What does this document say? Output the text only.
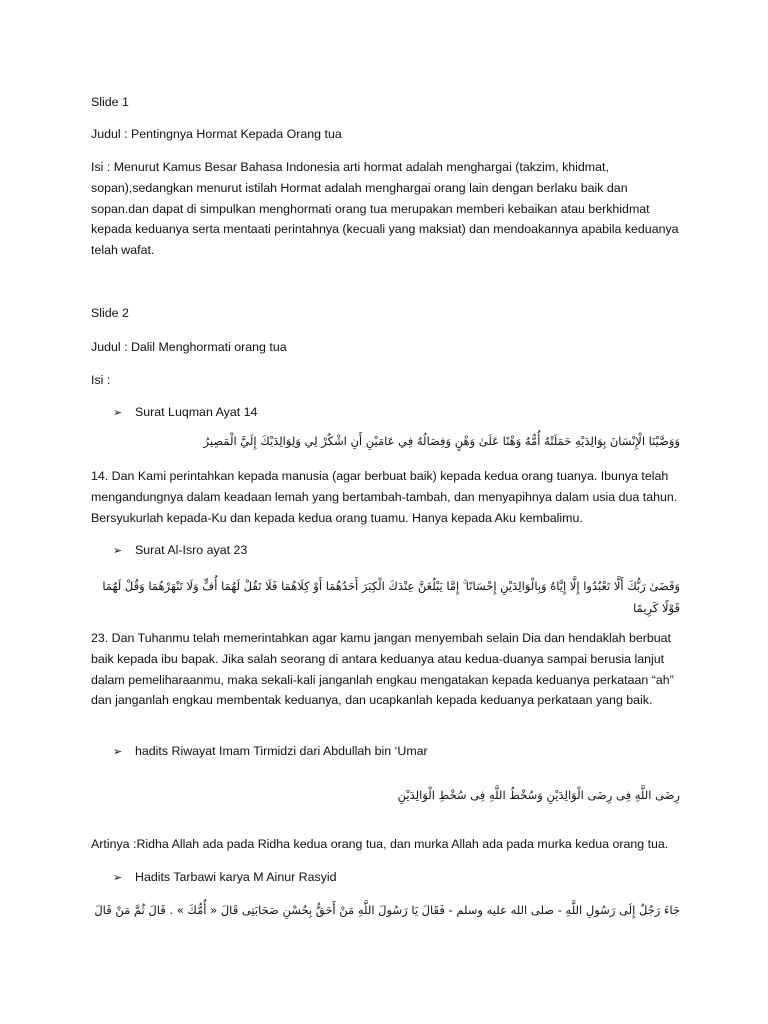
Slide 1
Judul : Pentingnya Hormat Kepada Orang tua
Isi : Menurut Kamus Besar Bahasa Indonesia arti hormat adalah menghargai (takzim, khidmat, sopan),sedangkan menurut istilah Hormat adalah menghargai orang lain dengan berlaku baik dan sopan.dan dapat di simpulkan menghormati orang tua merupakan memberi kebaikan atau berkhidmat kepada keduanya serta mentaati perintahnya (kecuali yang maksiat) dan mendoakannya apabila keduanya telah wafat.
Slide 2
Judul : Dalil Menghormati orang tua
Isi :
➢ Surat Luqman Ayat 14
وَوَصَّيْنَا الْإِنْسَانَ بِوَالِدَيْهِ حَمَلَتْهُ أُمُّهُ وَهْنًا عَلَىٰ وَهْنٍ وَفِصَالُهُ فِي عَامَيْنِ أَنِ اشْكُرْ لِي وَلِوَالِدَيْكَ إِلَيَّ الْمَصِيرُ
14. Dan Kami perintahkan kepada manusia (agar berbuat baik) kepada kedua orang tuanya. Ibunya telah mengandungnya dalam keadaan lemah yang bertambah-tambah, dan menyapihnya dalam usia dua tahun. Bersyukurlah kepada-Ku dan kepada kedua orang tuamu. Hanya kepada Aku kembalimu.
➢ Surat Al-Isro ayat 23
وَقَضَىٰ رَبُّكَ أَلَّا تَعْبُدُوا إِلَّا إِيَّاهُ وَبِالْوَالِدَيْنِ إِحْسَانًا ۚ إِمَّا يَبْلُغَنَّ عِنْدَكَ الْكِبَرَ أَحَدُهُمَا أَوْ كِلَاهُمَا فَلَا تَقُلْ لَهُمَا أُفٍّ وَلَا تَنْهَرْهُمَا وَقُلْ لَهُمَا قَوْلًا كَرِيمًا
23. Dan Tuhanmu telah memerintahkan agar kamu jangan menyembah selain Dia dan hendaklah berbuat baik kepada ibu bapak. Jika salah seorang di antara keduanya atau kedua-duanya sampai berusia lanjut dalam pemeliharaanmu, maka sekali-kali janganlah engkau mengatakan kepada keduanya perkataan “ah” dan janganlah engkau membentak keduanya, dan ucapkanlah kepada keduanya perkataan yang baik.
➢ hadits Riwayat Imam Tirmidzi dari Abdullah bin ‘Umar
رِضَى اللَّهِ فِى رِضَى الْوَالِدَيْنِ وَسُخْطُ اللَّهِ فِى سُخْطِ الْوَالِدَيْنِ
Artinya :Ridha Allah ada pada Ridha kedua orang tua, dan murka Allah ada pada murka kedua orang tua.
➢ Hadits Tarbawi karya M Ainur Rasyid
جَاءَ رَجُلٌ إِلَى رَسُولِ اللَّهِ - صلى الله عليه وسلم - فَقَالَ يَا رَسُولَ اللَّهِ مَنْ أَحَقُّ بِحُسْنِ صَحَابَتِى قَالَ « أُمُّكَ » . قَالَ ثُمَّ مَنْ قَالَ
